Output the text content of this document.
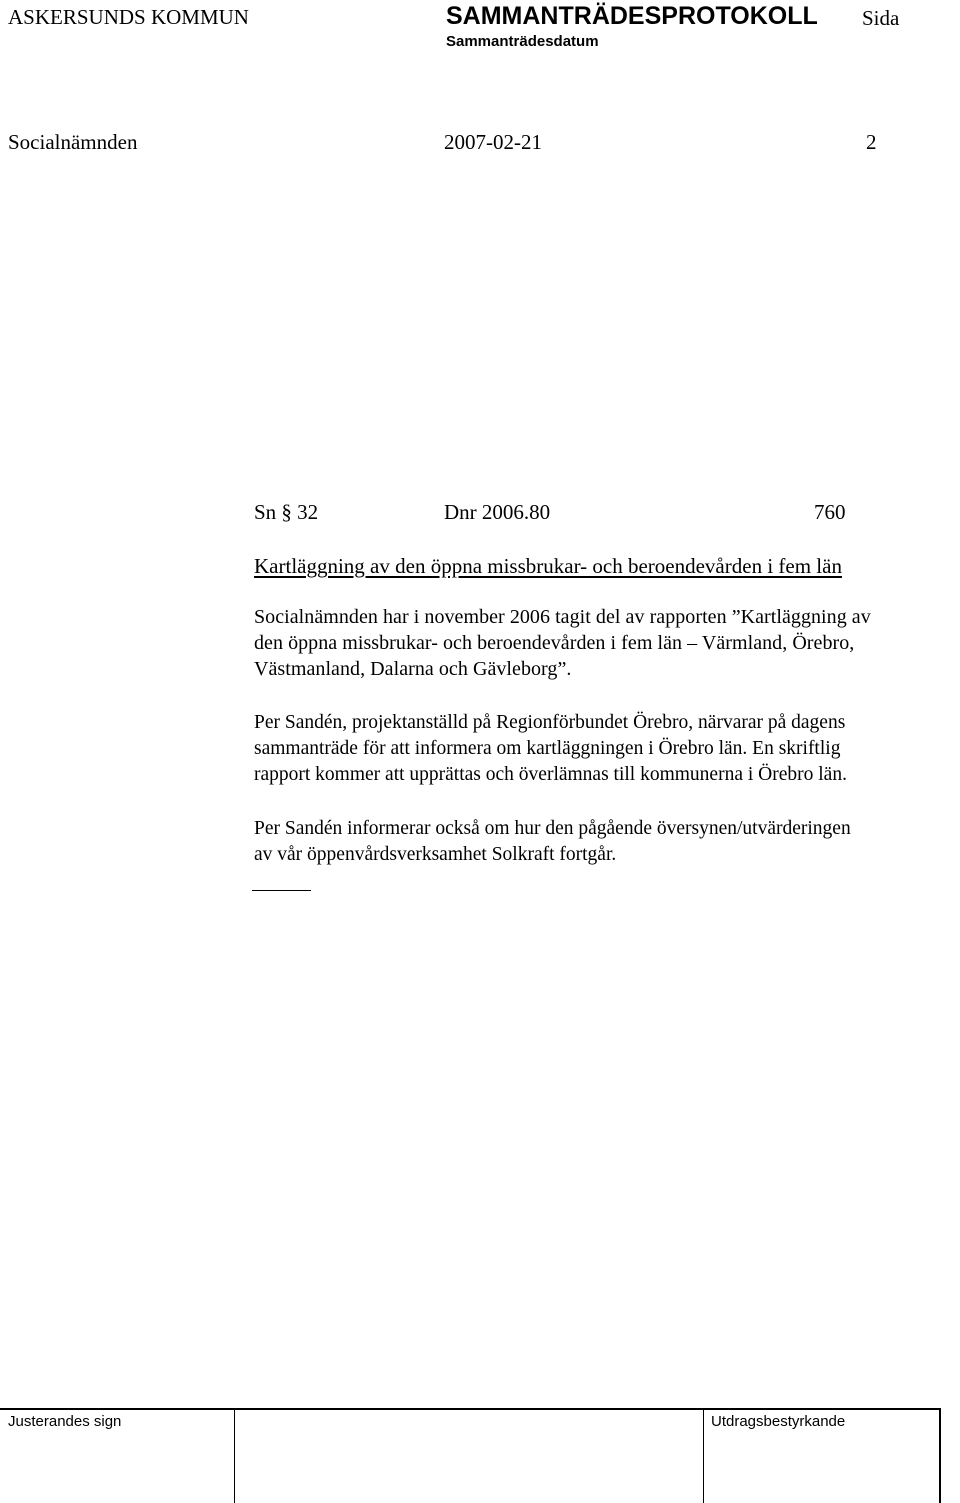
ASKERSUNDS KOMMUN	SAMMANTRÄDESPROTOKOLL Sida
Sammanträdesdatum
Socialnämnden	2007-02-21	2
Sn § 32	Dnr 2006.80	760
Kartläggning av den öppna missbrukar- och beroendevården i fem län
Socialnämnden har i november 2006 tagit del av rapporten ”Kartläggning av
den öppna missbrukar- och beroendevården i fem län – Värmland, Örebro,
Västmanland, Dalarna och Gävleborg”.
Per Sandén, projektanställd på Regionförbundet Örebro, närvarar på dagens
sammanträde för att informera om kartläggningen i Örebro län. En skriftlig
rapport kommer att upprättas och överlämnas till kommunerna i Örebro län.
Per Sandén informerar också om hur den pågående översynen/utvärderingen
av vår öppenvårdsverksamhet Solkraft fortgår.
Justerandes sign	Utdragsbestyrkande
